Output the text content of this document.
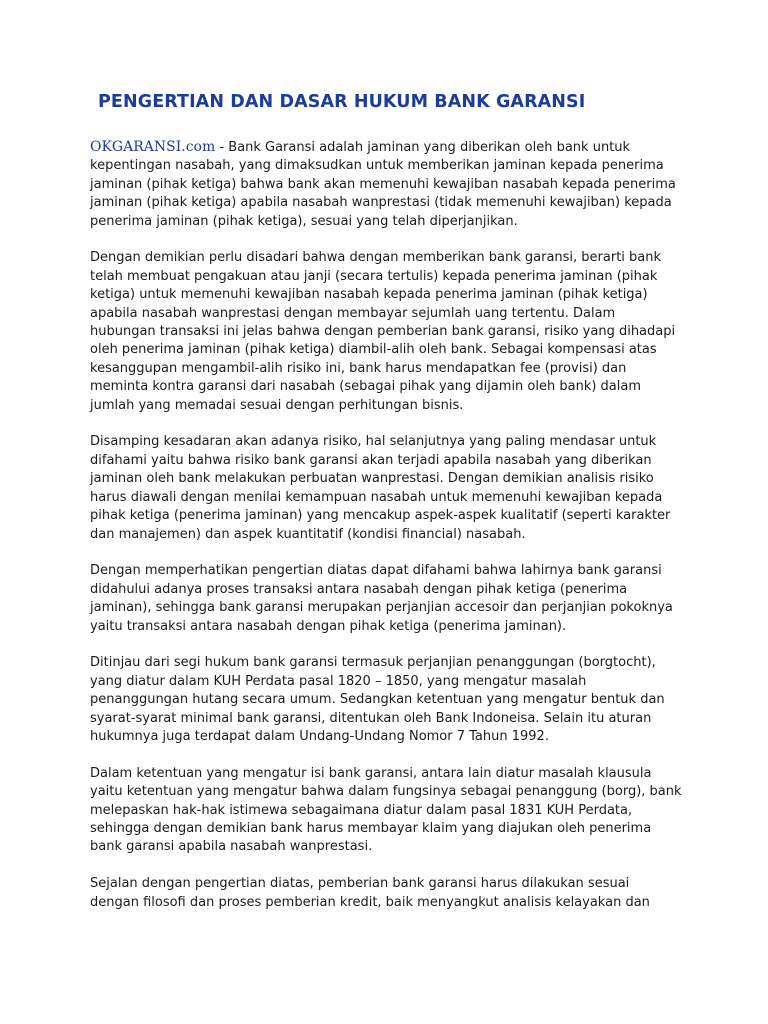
PENGERTIAN DAN DASAR HUKUM BANK GARANSI

OKGARANSI.com - Bank Garansi adalah jaminan yang diberikan oleh bank untuk kepentingan nasabah, yang dimaksudkan untuk memberikan jaminan kepada penerima jaminan (pihak ketiga) bahwa bank akan memenuhi kewajiban nasabah kepada penerima jaminan (pihak ketiga) apabila nasabah wanprestasi (tidak memenuhi kewajiban) kepada penerima jaminan (pihak ketiga), sesuai yang telah diperjanjikan.

Dengan demikian perlu disadari bahwa dengan memberikan bank garansi, berarti bank telah membuat pengakuan atau janji (secara tertulis) kepada penerima jaminan (pihak ketiga) untuk memenuhi kewajiban nasabah kepada penerima jaminan (pihak ketiga) apabila nasabah wanprestasi dengan membayar sejumlah uang tertentu. Dalam hubungan transaksi ini jelas bahwa dengan pemberian bank garansi, risiko yang dihadapi oleh penerima jaminan (pihak ketiga) diambil-alih oleh bank. Sebagai kompensasi atas kesanggupan mengambil-alih risiko ini, bank harus mendapatkan fee (provisi) dan meminta kontra garansi dari nasabah (sebagai pihak yang dijamin oleh bank) dalam jumlah yang memadai sesuai dengan perhitungan bisnis.

Disamping kesadaran akan adanya risiko, hal selanjutnya yang paling mendasar untuk difahami yaitu bahwa risiko bank garansi akan terjadi apabila nasabah yang diberikan jaminan oleh bank melakukan perbuatan wanprestasi. Dengan demikian analisis risiko harus diawali dengan menilai kemampuan nasabah untuk memenuhi kewajiban kepada pihak ketiga (penerima jaminan) yang mencakup aspek-aspek kualitatif (seperti karakter dan manajemen) dan aspek kuantitatif (kondisi financial) nasabah.

Dengan memperhatikan pengertian diatas dapat difahami bahwa lahirnya bank garansi didahului adanya proses transaksi antara nasabah dengan pihak ketiga (penerima jaminan), sehingga bank garansi merupakan perjanjian accesoir dan perjanjian pokoknya yaitu transaksi antara nasabah dengan pihak ketiga (penerima jaminan).

Ditinjau dari segi hukum bank garansi termasuk perjanjian penanggungan (borgtocht), yang diatur dalam KUH Perdata pasal 1820 – 1850, yang mengatur masalah penanggungan hutang secara umum. Sedangkan ketentuan yang mengatur bentuk dan syarat-syarat minimal bank garansi, ditentukan oleh Bank Indoneisa. Selain itu aturan hukumnya juga terdapat dalam Undang-Undang Nomor 7 Tahun 1992.

Dalam ketentuan yang mengatur isi bank garansi, antara lain diatur masalah klausula yaitu ketentuan yang mengatur bahwa dalam fungsinya sebagai penanggung (borg), bank melepaskan hak-hak istimewa sebagaimana diatur dalam pasal 1831 KUH Perdata, sehingga dengan demikian bank harus membayar klaim yang diajukan oleh penerima bank garansi apabila nasabah wanprestasi.

Sejalan dengan pengertian diatas, pemberian bank garansi harus dilakukan sesuai dengan filosofi dan proses pemberian kredit, baik menyangkut analisis kelayakan dan
